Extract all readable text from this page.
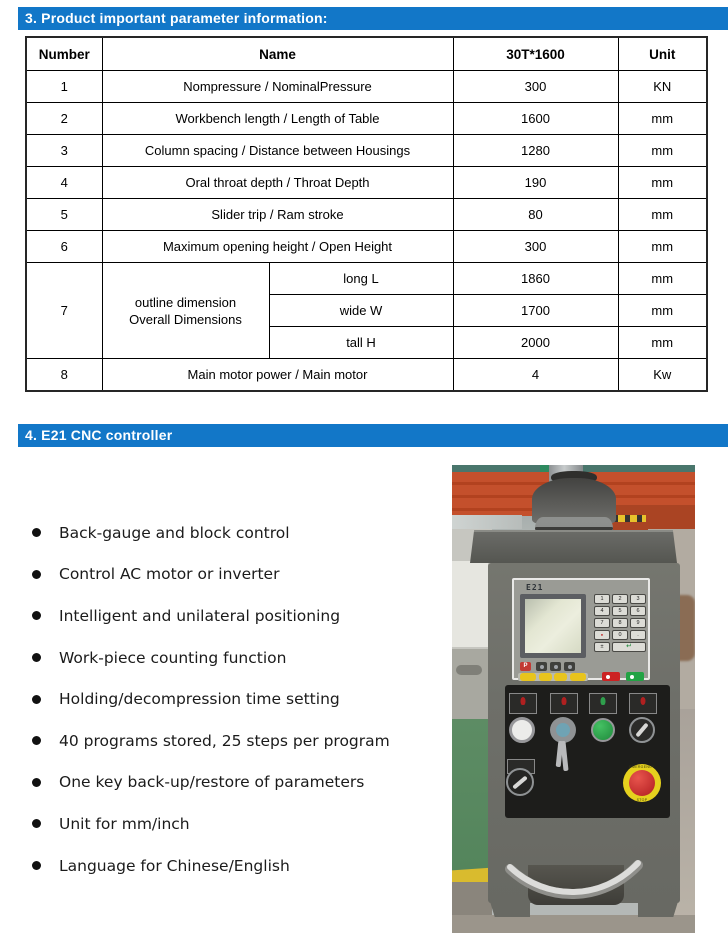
3. Product important parameter information:
Number	Name		30T*1600	Unit
1	Nompressure / NominalPressure		300	KN
2	Workbench length / Length of Table		1600	mm
3	Column spacing / Distance between Housings		1280	mm
4	Oral throat depth / Throat Depth		190	mm
5	Slider trip / Ram stroke		80	mm
6	Maximum opening height / Open Height		300	mm
7	outline dimension
Overall Dimensions	long L	1860	mm
		wide W	1700	mm
		tall H	2000	mm
8	Main motor power / Main motor		4	Kw
4. E21 CNC controller
Back-gauge and block control
Control AC motor or inverter
Intelligent and unilateral positioning
Work-piece counting function
Holding/decompression time setting
40 programs stored, 25 steps per program
One key back-up/restore of parameters
Unit for mm/inch
Language for Chinese/English
E21
1	2	3
4	5	6
7	8	9
●	0	.
±	↵
P
EMERGENCY
STOP
